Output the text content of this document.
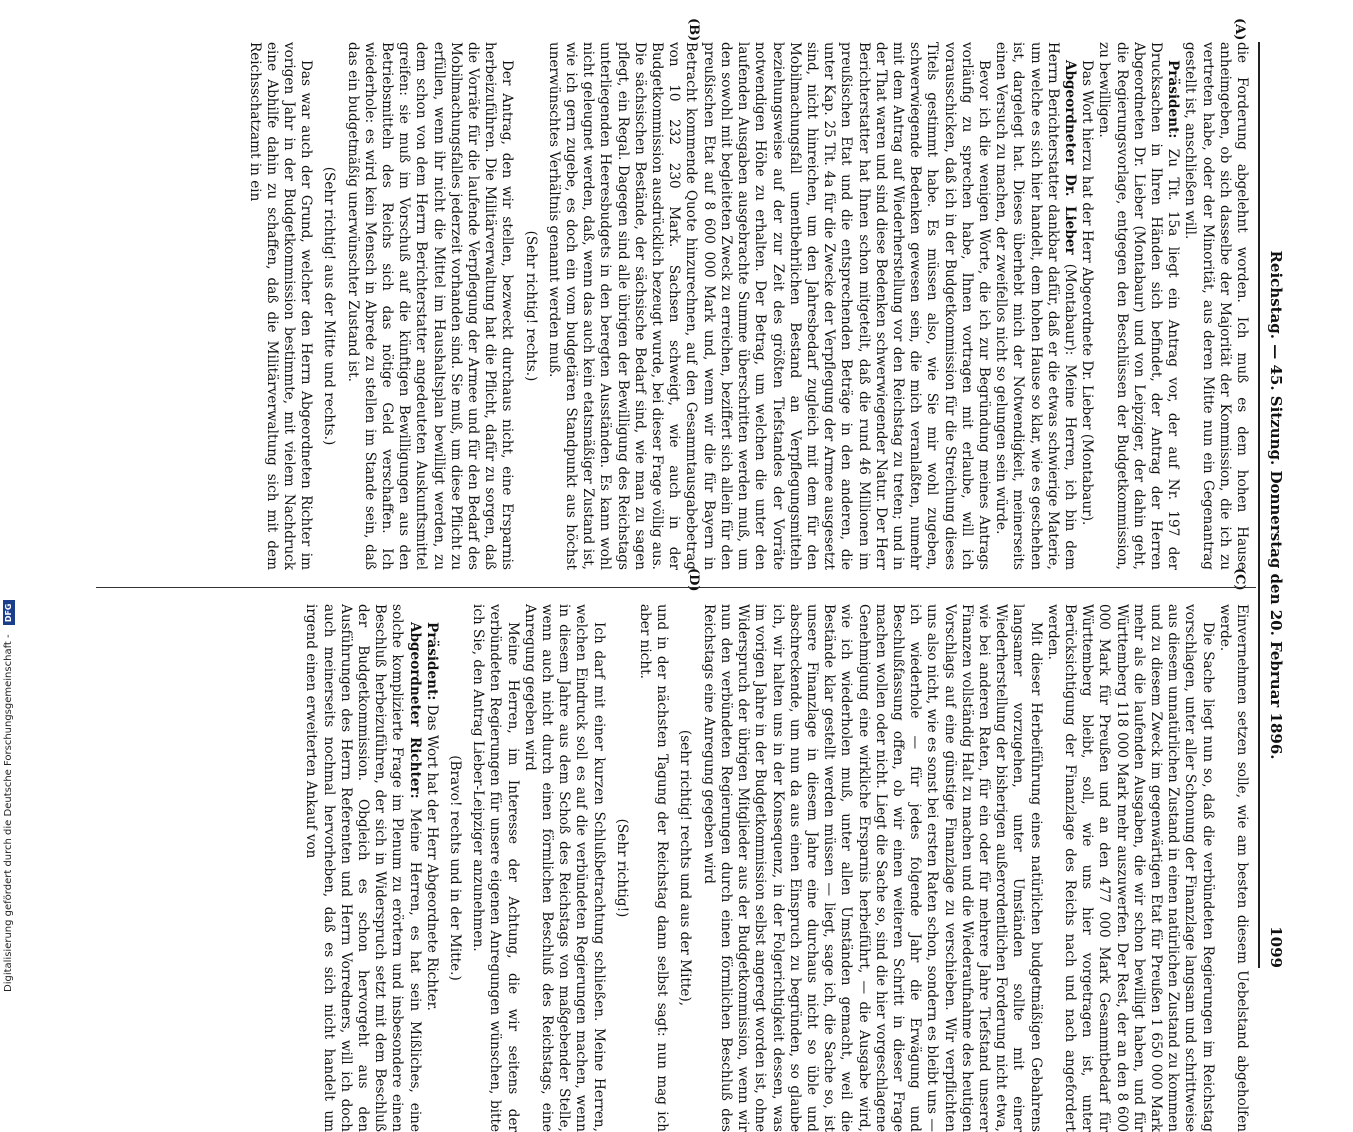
Digitalisierung gefördert durch die Deutsche Forschungsgemeinschaft - DFG	Reichstag. — 45. Sitzung. Donnerstag den 20. Februar 1896.
1099
(A)
(B)
(C)
(D)

die Forderung abgelehnt worden. Ich muß es dem hohen Hause anheimgeben, ob sich dasselbe der Majorität der Kommission, die ich zu vertreten habe, oder der Minorität, aus deren Mitte nun ein Gegenantrag gestellt ist, anschließen will.

Präsident: Zu Tit. 15a liegt ein Antrag vor, der auf Nr. 197 der Drucksachen in Ihren Händen sich befindet, der Antrag der Herren Abgeordneten Dr. Lieber (Montabaur) und von Leipziger, der dahin geht, die Regierungsvorlage, entgegen den Beschlüssen der Budgetkommission, zu bewilligen.

Das Wort hierzu hat der Herr Abgeordnete Dr. Lieber (Montabaur).

Abgeordneter Dr. Lieber (Montabaur): Meine Herren, ich bin dem Herrn Berichterstatter dankbar dafür, daß er die etwas schwierige Materie, um welche es sich hier handelt, dem hohen Hause so klar, wie es geschehen ist, dargelegt hat. Dieses überhebt mich der Notwendigkeit, meinerseits einen Versuch zu machen, der zweifellos nicht so gelungen sein würde.

Bevor ich die wenigen Worte, die ich zur Begründung meines Antrags vorläufig zu sprechen habe, Ihnen vortragen mit erlaube, will ich vorausschicken, daß ich in der Budgetkommission für die Streichung dieses Titels gestimmt habe. Es müssen also, wie Sie mir wohl zugeben, schwerwiegende Bedenken gewesen sein, die mich veranlaßten, numehr mit dem Antrag auf Wiederherstellung vor den Reichstag zu treten; und in der That waren und sind diese Bedenken schwerwiegender Natur. Der Herr Berichterstatter hat Ihnen schon mitgeteilt, daß die rund 46 Millionen im preußischen Etat und die entsprechenden Beträge in den anderen, die unter Kap. 25 Tit. 4a für die Zwecke der Verpflegung der Armee ausgesetzt sind, nicht hinreichen, um den Jahresbedarf zugleich mit dem für den Mobilmachungsfall unentbehrlichen Bestand an Verpflegungsmitteln beziehungsweise auf der zur Zeit des größten Tiefstandes der Vorräte notwendigen Höhe zu erhalten. Der Betrag, um welchen die unter den laufenden Ausgaben ausgebrachte Summe überschritten werden muß, um den sowohl mit begleiteten Zweck zu erreichen, beziffert sich allein für den preußischen Etat auf 8 600 000 Mark und, wenn wir die für Bayern in Betracht kommende Quote hinzurechnen, auf den Gesammtausgabebetrag von 10 232 230 Mark. Sachsen schweigt, wie auch in der Budgetkommission ausdrücklich bezeugt wurde, bei dieser Frage völlig aus. Die sächsischen Bestände, der sächsische Bedarf sind, wie man zu sagen pflegt, ein Regal. Dagegen sind alle übrigen der Bewilligung des Reichstags unterliegenden Heeresbudgets in den beregten Ausständen. Es kann wohl nicht geleugnet werden, daß, wenn das auch kein etatsmäßiger Zustand ist, wie ich gern zugebe, es doch ein vom budgetären Standpunkt aus höchst unerwünschtes Verhältnis genannt werden muß.

(Sehr richtig! rechts.)

Der Antrag, den wir stellen, bezweckt durchaus nicht, eine Ersparnis herbeizuführen. Die Militärverwaltung hat die Pflicht, dafür zu sorgen, daß die Vorräte für die laufende Verpflegung der Armee und für den Bedarf des Mobilmachungsfalles jederzeit vorhanden sind. Sie muß, um diese Pflicht zu erfüllen, wenn ihr nicht die Mittel im Haushaltsplan bewilligt werden, zu dem schon von dem Herrn Berichterstatter angedeuteten Auskunftsmittel greifen: sie muß im Vorschuß auf die künftigen Bewilligungen aus den Betriebsmitteln des Reichs sich das nötige Geld verschaffen. Ich wiederhole: es wird kein Mensch in Abrede zu stellen im Stande sein, daß das ein budgetmäßig unerwünschter Zustand ist.

(Sehr richtig! aus der Mitte und rechts.)

Das war auch der Grund, welcher den Herrn Abgeordneten Richter im vorigen Jahr in der Budgetkommission bestimmte, mit vielem Nachdruck eine Abhilfe dahin zu schaffen, daß die Militärverwaltung sich mit dem Reichsschatzamt in ein

Einvernehmen setzen solle, wie am besten diesem Uebelstand abgeholfen werde.

Die Sache liegt nun so, daß die verbündeten Regierungen im Reichstag vorschlagen, unter aller Schonung der Finanzlage langsam und schrittweise aus diesem unnatürlichen Zustand in einen natürlichen Zustand zu kommen und zu diesem Zweck im gegenwärtigen Etat für Preußen 1 650 000 Mark mehr als die laufenden Ausgaben, die wir schon bewilligt haben, und für Württemberg 118 000 Mark mehr auszuwerfen. Der Rest, der an den 8 600 000 Mark für Preußen und an den 477 000 Mark Gesammtbedarf für Württemberg bleibt, soll, wie uns hier vorgetragen ist, unter Berücksichtigung der Finanzlage des Reichs nach und nach angefordert werden.

Mit dieser Herbeiführung eines natürlichen budgetmäßigen Gebahrens langsamer vorzugehen, unter Umständen sollte mit einer Wiederherstellung der bisherigen außerordentlichen Forderung nicht etwa, wie bei anderen Raten, für ein oder für mehrere Jahre Tiefstand unserer Finanzen vollständig Halt zu machen und die Wiederaufnahme des heutigen Vorschlags auf eine günstige Finanzlage zu verschieben. Wir verpflichten uns also nicht, wie es sonst bei ersten Raten schon, sondern es bleibt uns — ich wiederhole — für jedes folgende Jahr die Erwägung und Beschlußfassung offen, ob wir einen weiteren Schritt in dieser Frage machen wollen oder nicht. Liegt die Sache so, sind die hier vorgeschlagene Genehmigung eine wirkliche Ersparnis herbeiführt, — die Ausgabe wird, wie ich wiederholen muß, unter allen Umständen gemacht, weil die Bestände klar gestellt werden müssen — liegt, sage ich, die Sache so, ist unsere Finanzlage in diesem Jahre eine durchaus nicht so üble und abschreckende, um nun da aus einen Einspruch zu begründen, so glaube ich, wir halten uns in der Konsequenz, in der Folgerichtigkeit dessen, was im vorigen Jahre in der Budgetkommission selbst angeregt worden ist, ohne Widerspruch der übrigen Mitglieder aus der Budgetkommission, wenn wir nun den verbündeten Regierungen durch einen förmlichen Beschluß des Reichstags eine Anregung gegeben wird

(sehr richtig! rechts und aus der Mitte),

und in der nächsten Tagung der Reichstag dann selbst sagt: nun mag ich aber nicht.

(Sehr richtig!)

Ich darf mit einer kurzen Schlußbetrachtung schließen. Meine Herren, welchen Eindruck soll es auf die verbündeten Regierungen machen, wenn in diesem Jahre aus dem Schoß des Reichstags von maßgebender Stelle, wenn auch nicht durch einen förmlichen Beschluß des Reichstags, eine Anregung gegeben wird

Meine Herren, im Interesse der Achtung, die wir seitens der verbündeten Regierungen für unsere eigenen Anregungen wünschen, bitte ich Sie, den Antrag Lieber-Leipziger anzunehmen.

(Bravo! rechts und in der Mitte.)

Präsident: Das Wort hat der Herr Abgeordnete Richter.

Abgeordneter Richter: Meine Herren, es hat sein Mißliches, eine solche komplizierte Frage im Plenum zu erörtern und insbesondere einen Beschluß herbeizuführen, der sich in Widerspruch setzt mit dem Beschluß der Budgetkommission. Obgleich es schon hervorgeht aus den Ausführungen des Herrn Referenten und Herrn Vorredners, will ich doch auch meinerseits nochmal hervorheben, daß es sich nicht handelt um irgend einen erweiterten Ankauf von
